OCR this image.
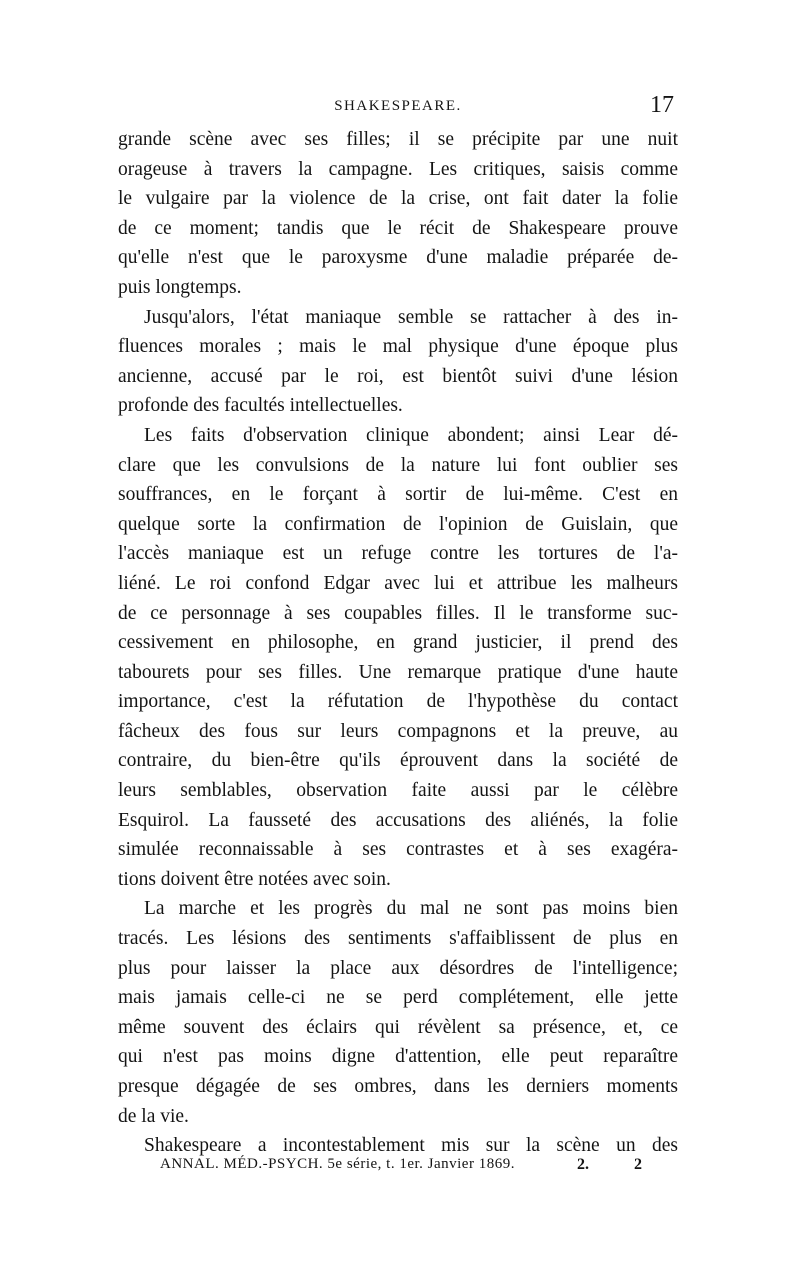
SHAKESPEARE.	17
grande scène avec ses filles; il se précipite par une nuit
orageuse à travers la campagne. Les critiques, saisis comme
le vulgaire par la violence de la crise, ont fait dater la folie
de ce moment; tandis que le récit de Shakespeare prouve
qu'elle n'est que le paroxysme d'une maladie préparée de-
puis longtemps.
Jusqu'alors, l'état maniaque semble se rattacher à des in-
fluences morales ; mais le mal physique d'une époque plus
ancienne, accusé par le roi, est bientôt suivi d'une lésion
profonde des facultés intellectuelles.
Les faits d'observation clinique abondent; ainsi Lear dé-
clare que les convulsions de la nature lui font oublier ses
souffrances, en le forçant à sortir de lui-même. C'est en
quelque sorte la confirmation de l'opinion de Guislain, que
l'accès maniaque est un refuge contre les tortures de l'a-
liéné. Le roi confond Edgar avec lui et attribue les malheurs
de ce personnage à ses coupables filles. Il le transforme suc-
cessivement en philosophe, en grand justicier, il prend des
tabourets pour ses filles. Une remarque pratique d'une haute
importance, c'est la réfutation de l'hypothèse du contact
fâcheux des fous sur leurs compagnons et la preuve, au
contraire, du bien-être qu'ils éprouvent dans la société de
leurs semblables, observation faite aussi par le célèbre
Esquirol. La fausseté des accusations des aliénés, la folie
simulée reconnaissable à ses contrastes et à ses exagéra-
tions doivent être notées avec soin.
La marche et les progrès du mal ne sont pas moins bien
tracés. Les lésions des sentiments s'affaiblissent de plus en
plus pour laisser la place aux désordres de l'intelligence;
mais jamais celle-ci ne se perd complétement, elle jette
même souvent des éclairs qui révèlent sa présence, et, ce
qui n'est pas moins digne d'attention, elle peut reparaître
presque dégagée de ses ombres, dans les derniers moments
de la vie.
Shakespeare a incontestablement mis sur la scène un des
ANNAL. MÉD.-PSYCH. 5e série, t. 1er. Janvier 1869.	2.	2
